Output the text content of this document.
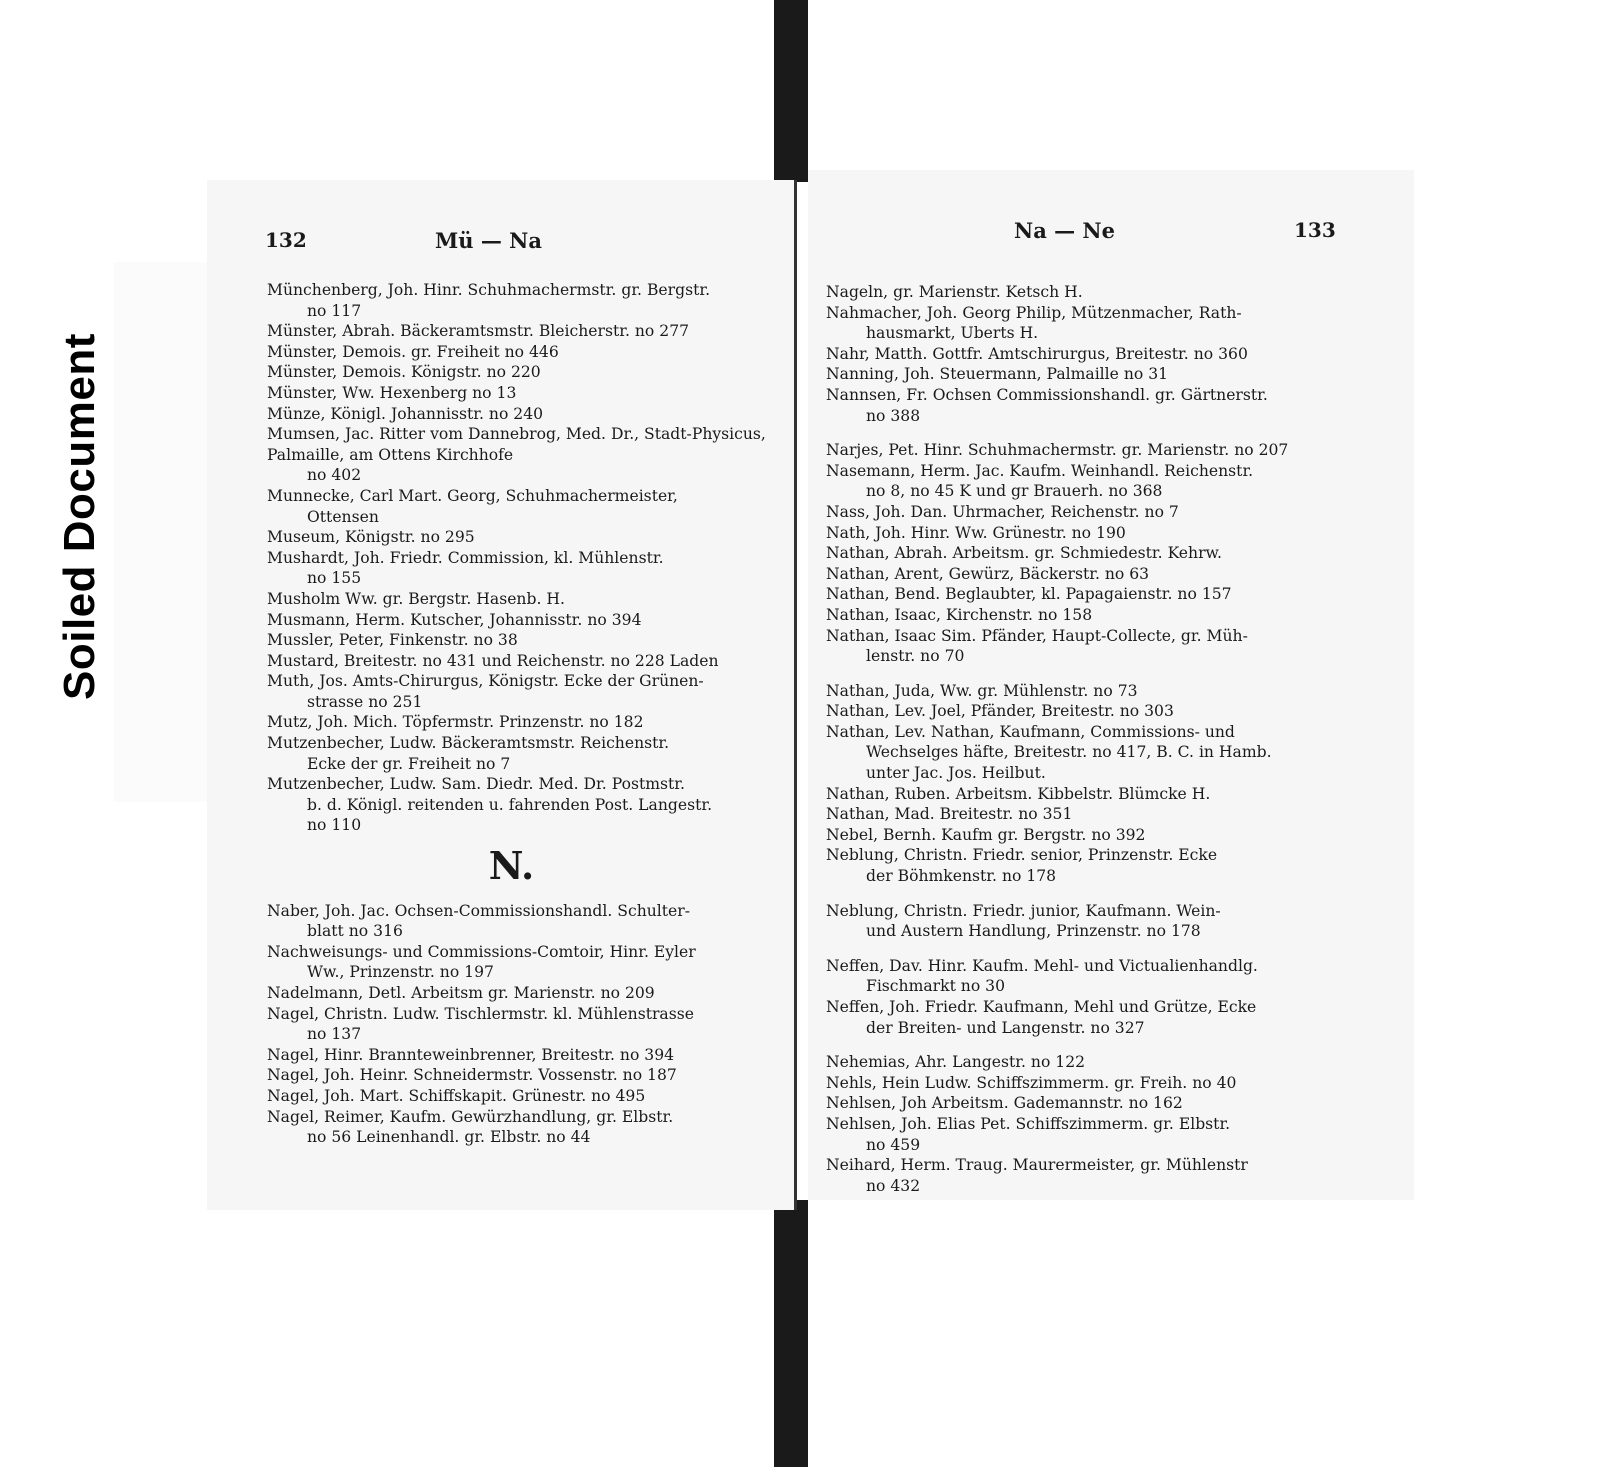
Soiled Document
132	Mü — Na

Münchenberg, Joh. Hinr. Schuhmachermstr. gr. Bergstr.
no 117

Münster, Abrah. Bäckeramtsmstr. Bleicherstr. no 277

Münster, Demois. gr. Freiheit no 446

Münster, Demois. Königstr. no 220

Münster, Ww. Hexenberg no 13

Münze, Königl. Johannisstr. no 240

Mumsen, Jac. Ritter vom Dannebrog, Med. Dr., Stadt-Physicus, Palmaille, am Ottens Kirchhofe
no 402

Munnecke, Carl Mart. Georg, Schuhmachermeister,
Ottensen

Museum, Königstr. no 295

Mushardt, Joh. Friedr. Commission, kl. Mühlenstr.
no 155

Musholm Ww. gr. Bergstr. Hasenb. H.

Musmann, Herm. Kutscher, Johannisstr. no 394

Mussler, Peter, Finkenstr. no 38

Mustard, Breitestr. no 431 und Reichenstr. no 228 Laden

Muth, Jos. Amts-Chirurgus, Königstr. Ecke der Grünen-
strasse no 251

Mutz, Joh. Mich. Töpfermstr. Prinzenstr. no 182

Mutzenbecher, Ludw. Bäckeramtsmstr. Reichenstr.
Ecke der gr. Freiheit no 7

Mutzenbecher, Ludw. Sam. Diedr. Med. Dr. Postmstr.
b. d. Königl. reitenden u. fahrenden Post. Langestr.
no 110

N.

Naber, Joh. Jac. Ochsen-Commissionshandl. Schulter-
blatt no 316

Nachweisungs- und Commissions-Comtoir, Hinr. Eyler
Ww., Prinzenstr. no 197

Nadelmann, Detl. Arbeitsm gr. Marienstr. no 209

Nagel, Christn. Ludw. Tischlermstr. kl. Mühlenstrasse
no 137

Nagel, Hinr. Brannteweinbrenner, Breitestr. no 394

Nagel, Joh. Heinr. Schneidermstr. Vossenstr. no 187

Nagel, Joh. Mart. Schiffskapit. Grünestr. no 495

Nagel, Reimer, Kaufm. Gewürzhandlung, gr. Elbstr.
no 56 Leinenhandl. gr. Elbstr. no 44

Na — Ne	133

Nageln, gr. Marienstr. Ketsch H.

Nahmacher, Joh. Georg Philip, Mützenmacher, Rath-
hausmarkt, Uberts H.

Nahr, Matth. Gottfr. Amtschirurgus, Breitestr. no 360

Nanning, Joh. Steuermann, Palmaille no 31

Nannsen, Fr. Ochsen Commissionshandl. gr. Gärtnerstr.
no 388

Narjes, Pet. Hinr. Schuhmachermstr. gr. Marienstr. no 207

Nasemann, Herm. Jac. Kaufm. Weinhandl. Reichenstr.
no 8, no 45 K und gr Brauerh. no 368

Nass, Joh. Dan. Uhrmacher, Reichenstr. no 7

Nath, Joh. Hinr. Ww. Grünestr. no 190

Nathan, Abrah. Arbeitsm. gr. Schmiedestr. Kehrw.

Nathan, Arent, Gewürz, Bäckerstr. no 63

Nathan, Bend. Beglaubter, kl. Papagaienstr. no 157

Nathan, Isaac, Kirchenstr. no 158

Nathan, Isaac Sim. Pfänder, Haupt-Collecte, gr. Müh-
lenstr. no 70

Nathan, Juda, Ww. gr. Mühlenstr. no 73

Nathan, Lev. Joel, Pfänder, Breitestr. no 303

Nathan, Lev. Nathan, Kaufmann, Commissions- und
Wechselges häfte, Breitestr. no 417, B. C. in Hamb.
unter Jac. Jos. Heilbut.

Nathan, Ruben. Arbeitsm. Kibbelstr. Blümcke H.

Nathan, Mad. Breitestr. no 351

Nebel, Bernh. Kaufm gr. Bergstr. no 392

Neblung, Christn. Friedr. senior, Prinzenstr. Ecke
der Böhmkenstr. no 178

Neblung, Christn. Friedr. junior, Kaufmann. Wein-
und Austern Handlung, Prinzenstr. no 178

Neffen, Dav. Hinr. Kaufm. Mehl- und Victualienhandlg.
Fischmarkt no 30

Neffen, Joh. Friedr. Kaufmann, Mehl und Grütze, Ecke
der Breiten- und Langenstr. no 327

Nehemias, Ahr. Langestr. no 122

Nehls, Hein Ludw. Schiffszimmerm. gr. Freih. no 40

Nehlsen, Joh Arbeitsm. Gademannstr. no 162

Nehlsen, Joh. Elias Pet. Schiffszimmerm. gr. Elbstr.
no 459

Neihard, Herm. Traug. Maurermeister, gr. Mühlenstr
no 432
